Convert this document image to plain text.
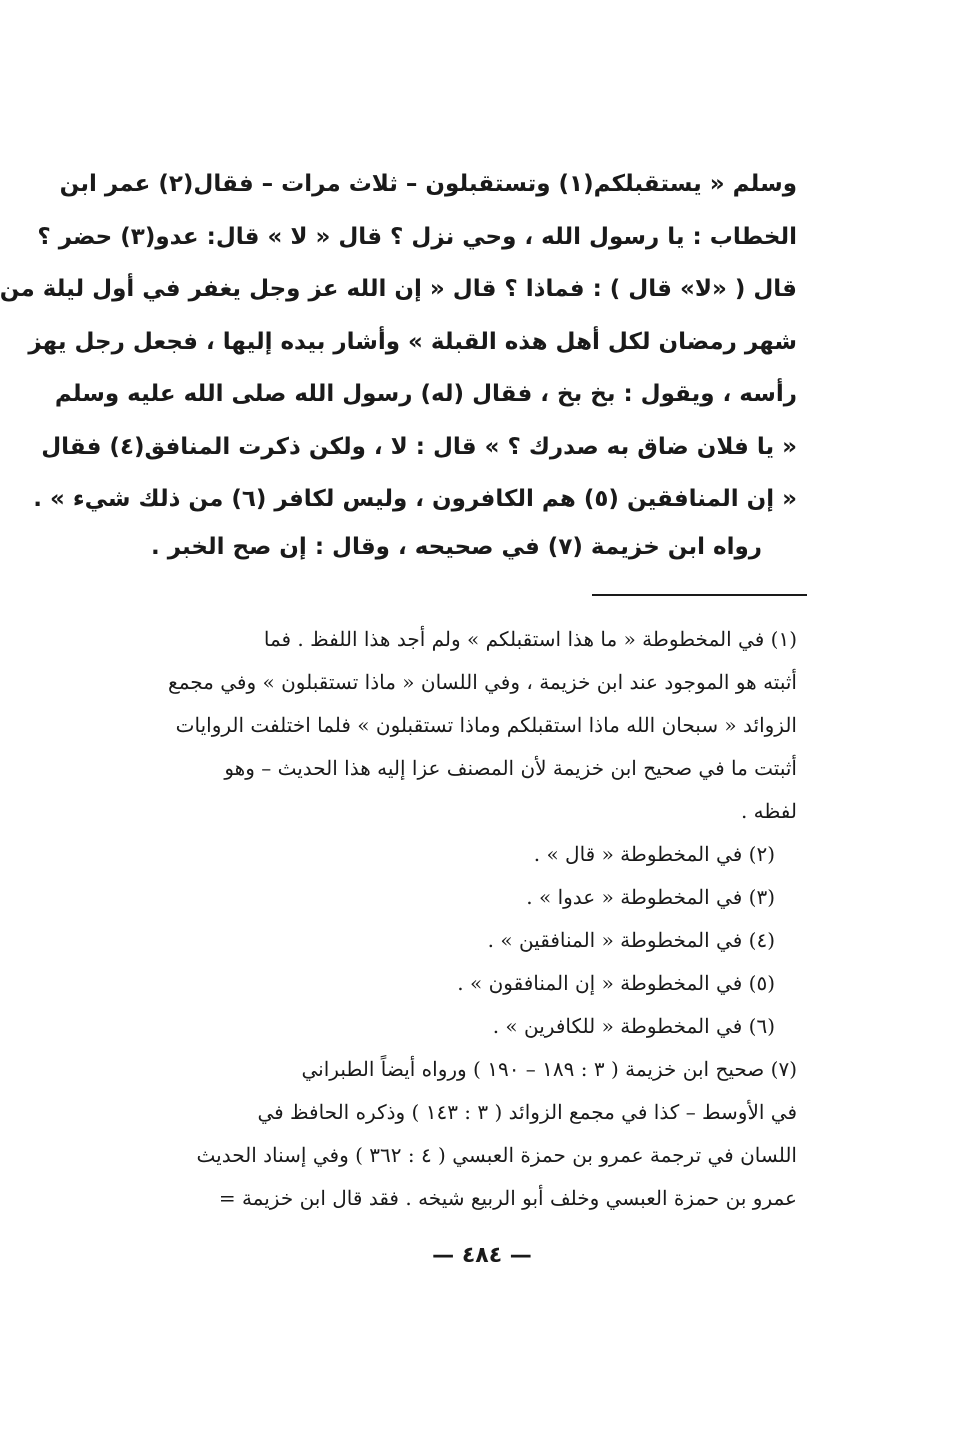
وسلم « يستقبلكم(١) وتستقبلون – ثلاث مرات – فقال(٢) عمر ابن
الخطاب : يا رسول الله ، وحي نزل ؟ قال « لا » قال: عدو(٣) حضر ؟
قال ( «لا» قال ) : فماذا ؟ قال « إن الله عز وجل يغفر في أول ليلة من
شهر رمضان لكل أهل هذه القبلة » وأشار بيده إليها ، فجعل رجل يهز
رأسه ، ويقول : بخ بخ ، فقال (له) رسول الله صلى الله عليه وسلم
« يا فلان ضاق به صدرك ؟ » قال : لا ، ولكن ذكرت المنافق(٤) فقال
« إن المنافقين (٥) هم الكافرون ، وليس لكافر (٦) من ذلك شيء » .
رواه ابن خزيمة (٧) في صحيحه ، وقال : إن صح الخبر .
(١) في المخطوطة « ما هذا استقبلكم » ولم أجد هذا اللفظ . فما
أثبته هو الموجود عند ابن خزيمة ، وفي اللسان « ماذا تستقبلون » وفي مجمع
الزوائد « سبحان الله ماذا استقبلكم وماذا تستقبلون » فلما اختلفت الروايات
أثبتت ما في صحيح ابن خزيمة لأن المصنف عزا إليه هذا الحديث – وهو
لفظه .
(٢) في المخطوطة « قال » .
(٣) في المخطوطة « عدوا » .
(٤) في المخطوطة « المنافقين » .
(٥) في المخطوطة « إن المنافقون » .
(٦) في المخطوطة « للكافرين » .
(٧) صحيح ابن خزيمة ( ٣ : ١٨٩ – ١٩٠ ) ورواه أيضاً الطبراني
في الأوسط – كذا في مجمع الزوائد ( ٣ : ١٤٣ ) وذكره الحافظ في
اللسان في ترجمة عمرو بن حمزة العبسي ( ٤ : ٣٦٢ ) وفي إسناد الحديث
عمرو بن حمزة العبسي وخلف أبو الربيع شيخه . فقد قال ابن خزيمة =
— ٤٨٤ —
